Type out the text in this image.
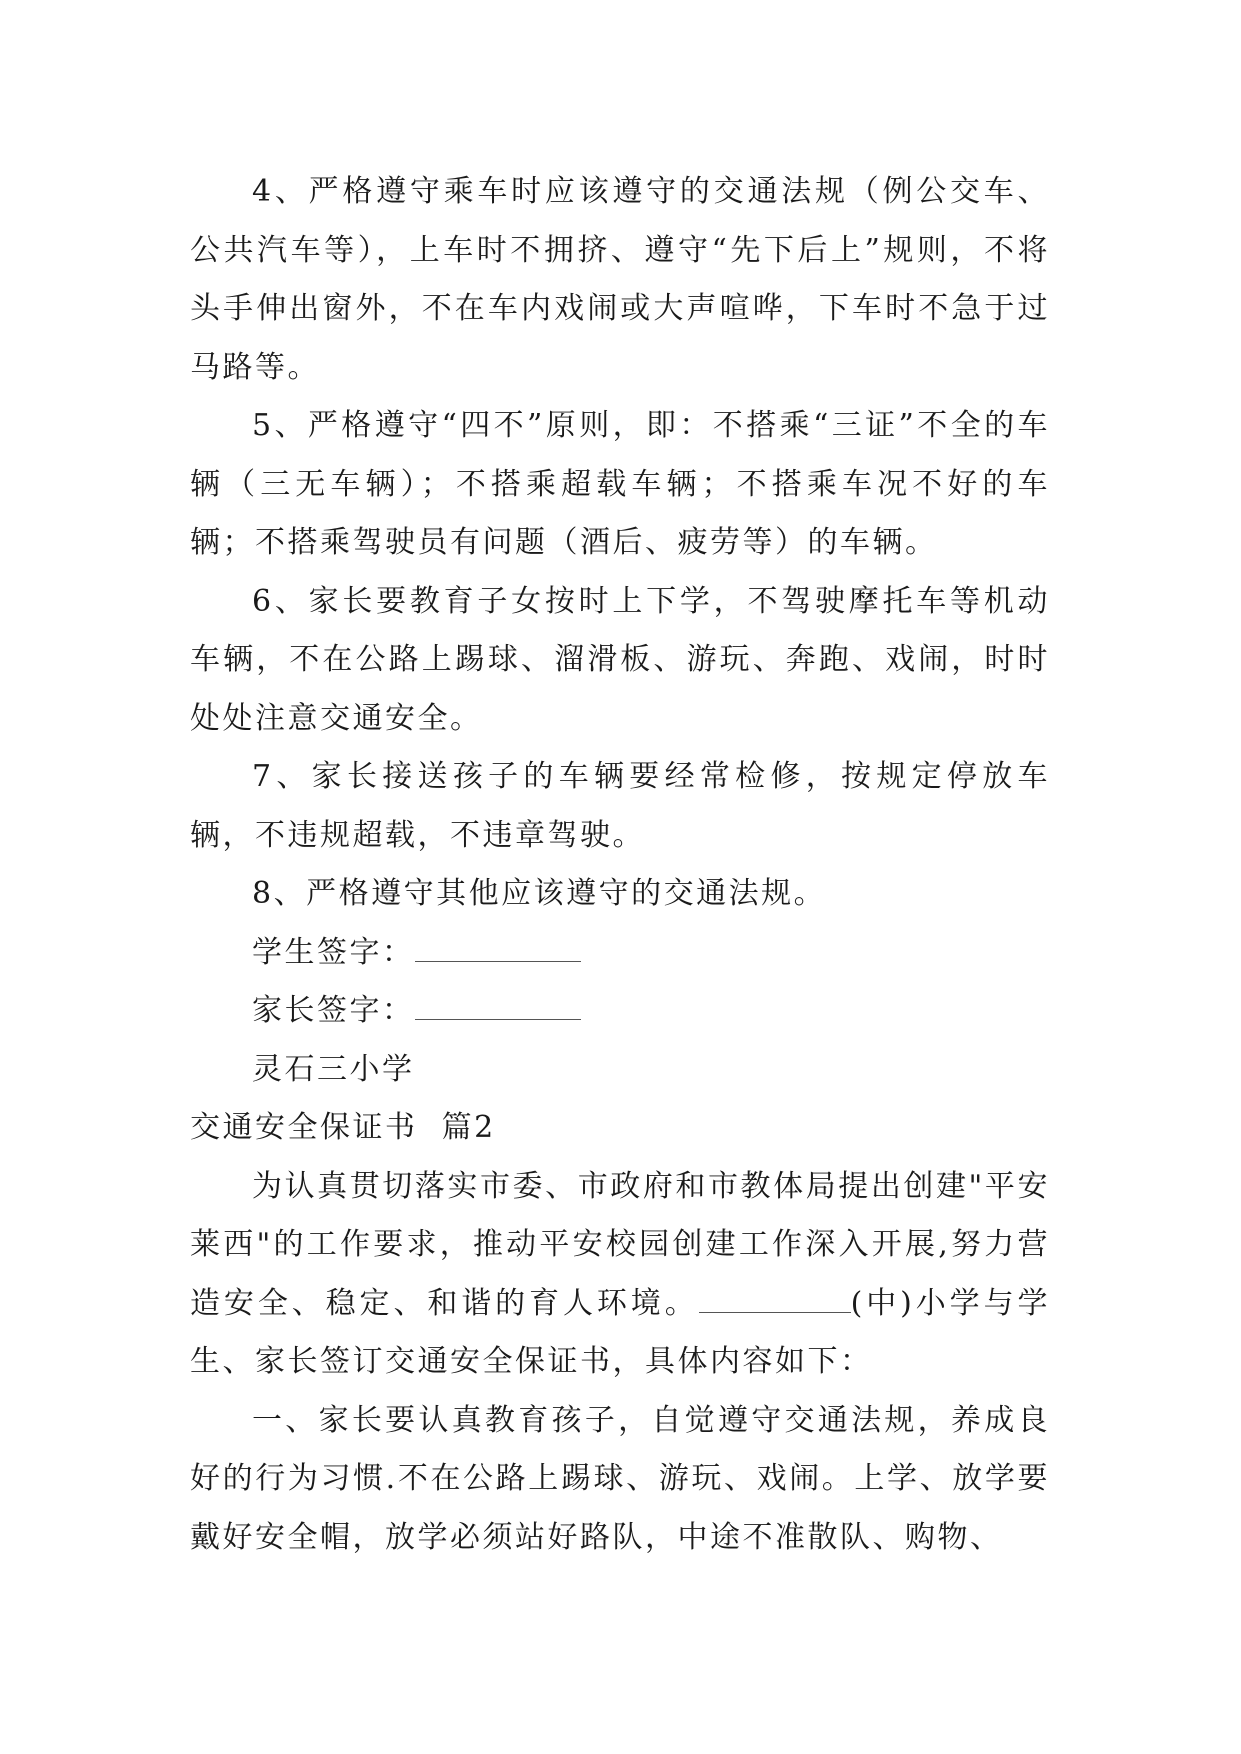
4、严格遵守乘车时应该遵守的交通法规（例公交车、公共汽车等），上车时不拥挤、遵守“先下后上”规则，不将头手伸出窗外，不在车内戏闹或大声喧哗，下车时不急于过马路等。

5、严格遵守“四不”原则，即：不搭乘“三证”不全的车辆（三无车辆）；不搭乘超载车辆；不搭乘车况不好的车辆；不搭乘驾驶员有问题（酒后、疲劳等）的车辆。

6、家长要教育子女按时上下学，不驾驶摩托车等机动车辆，不在公路上踢球、溜滑板、游玩、奔跑、戏闹，时时处处注意交通安全。

7、家长接送孩子的车辆要经常检修，按规定停放车辆，不违规超载，不违章驾驶。

8、严格遵守其他应该遵守的交通法规。

学生签字：

家长签字：

灵石三小学

交通安全保证书  篇2

为认真贯切落实市委、市政府和市教体局提出创建"平安莱西"的工作要求，推动平安校园创建工作深入开展,努力营造安全、稳定、和谐的育人环境。	(中)小学与学生、家长签订交通安全保证书，具体内容如下：

一、家长要认真教育孩子，自觉遵守交通法规，养成良好的行为习惯.不在公路上踢球、游玩、戏闹。上学、放学要戴好安全帽，放学必须站好路队，中途不准散队、购物、
